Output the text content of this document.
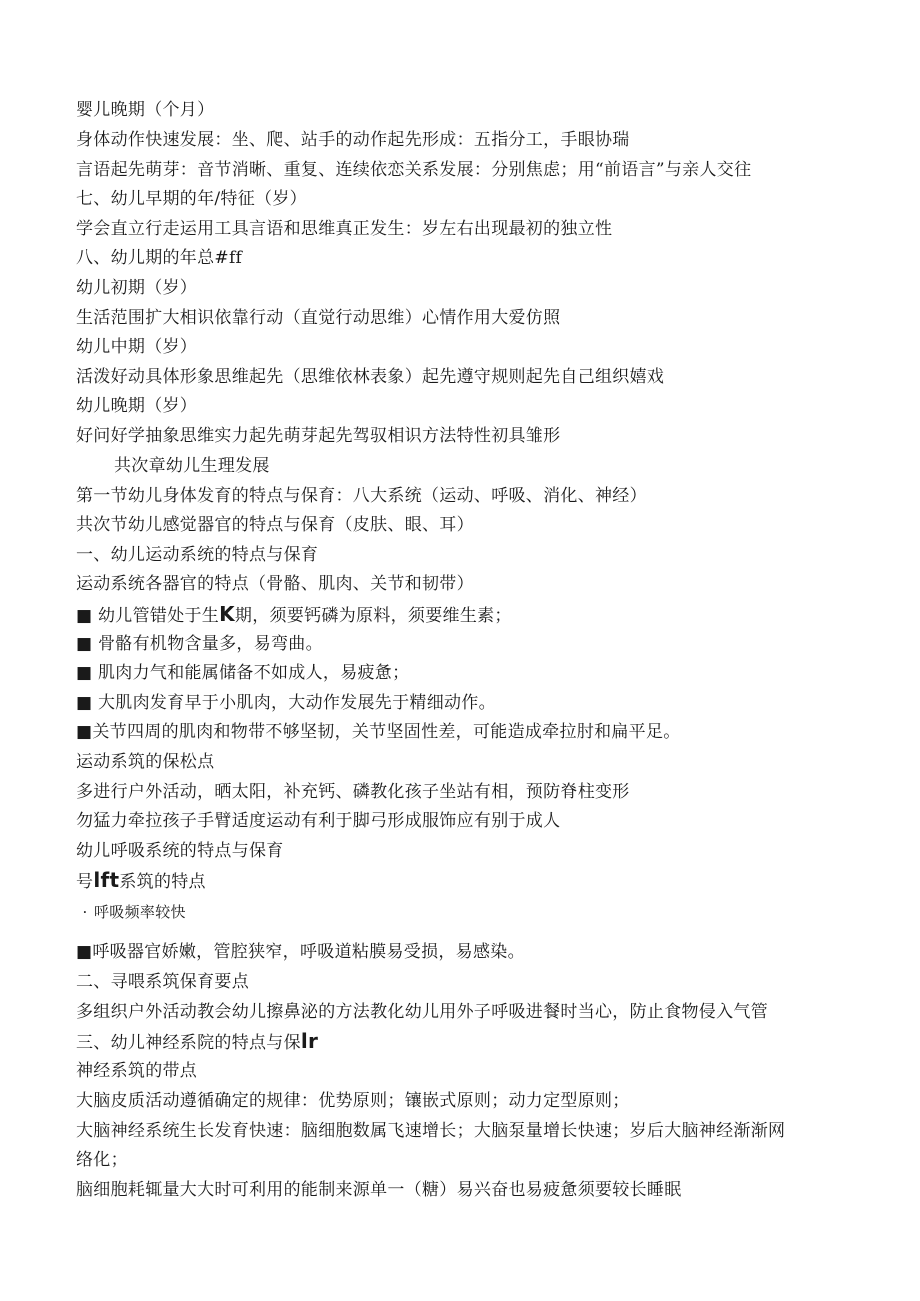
婴儿晚期（个月）
身体动作快速发展：坐、爬、站手的动作起先形成：五指分工，手眼协瑞
言语起先萌芽：音节消晰、重复、连续依恋关系发展：分别焦虑；用“前语言”与亲人交往
七、幼儿早期的年/特征（岁）
学会直立行走运用工具言语和思维真正发生：岁左右出现最初的独立性
八、幼儿期的年总#ff
幼儿初期（岁）
生活范围扩大相识依靠行动（直觉行动思维）心情作用大爱仿照
幼儿中期（岁）
活泼好动具体形象思维起先（思维依林表象）起先遵守规则起先自己组织嬉戏
幼儿晚期（岁）
好问好学抽象思维实力起先萌芽起先驾驭相识方法特性初具雏形
共次章幼儿生理发展
第一节幼儿身体发育的特点与保育：八大系统（运动、呼吸、消化、神经）
共次节幼儿感觉器官的特点与保育（皮肤、眼、耳）
一、幼儿运动系统的特点与保育
运动系统各器官的特点（骨骼、肌肉、关节和韧带）
■ 幼儿管错处于生K期，须要钙磷为原料，须要维生素；
■ 骨骼有机物含量多，易弯曲。
■ 肌肉力气和能属储备不如成人，易疲惫；
■ 大肌肉发育早于小肌肉，大动作发展先于精细动作。
■关节四周的肌肉和物带不够坚韧，关节坚固性差，可能造成牵拉肘和扁平足。
运动系筑的保松点
多进行户外活动，晒太阳，补充钙、磷教化孩子坐站有相，预防脊柱变形
勿猛力牵拉孩子手臂适度运动有利于脚弓形成服饰应有别于成人
幼儿呼吸系统的特点与保育
号lft系筑的特点
· 呼吸频率较快
■呼吸器官娇嫩，管腔狭窄，呼吸道粘膜易受损，易感染。
二、寻喂系筑保育要点
多组织户外活动教会幼儿擦鼻泌的方法教化幼儿用外子呼吸进餐时当心，防止食物侵入气管
三、幼儿神经系院的特点与保lr
神经系筑的带点
大脑皮质活动遵循确定的规律：优势原则；镶嵌式原则；动力定型原则；
大脑神经系统生长发育快速：脑细胞数属飞速增长；大脑泵量增长快速；岁后大脑神经渐渐网
络化；
脑细胞耗辄量大大时可利用的能制来源单一（糖）易兴奋也易疲惫须要较长睡眠
